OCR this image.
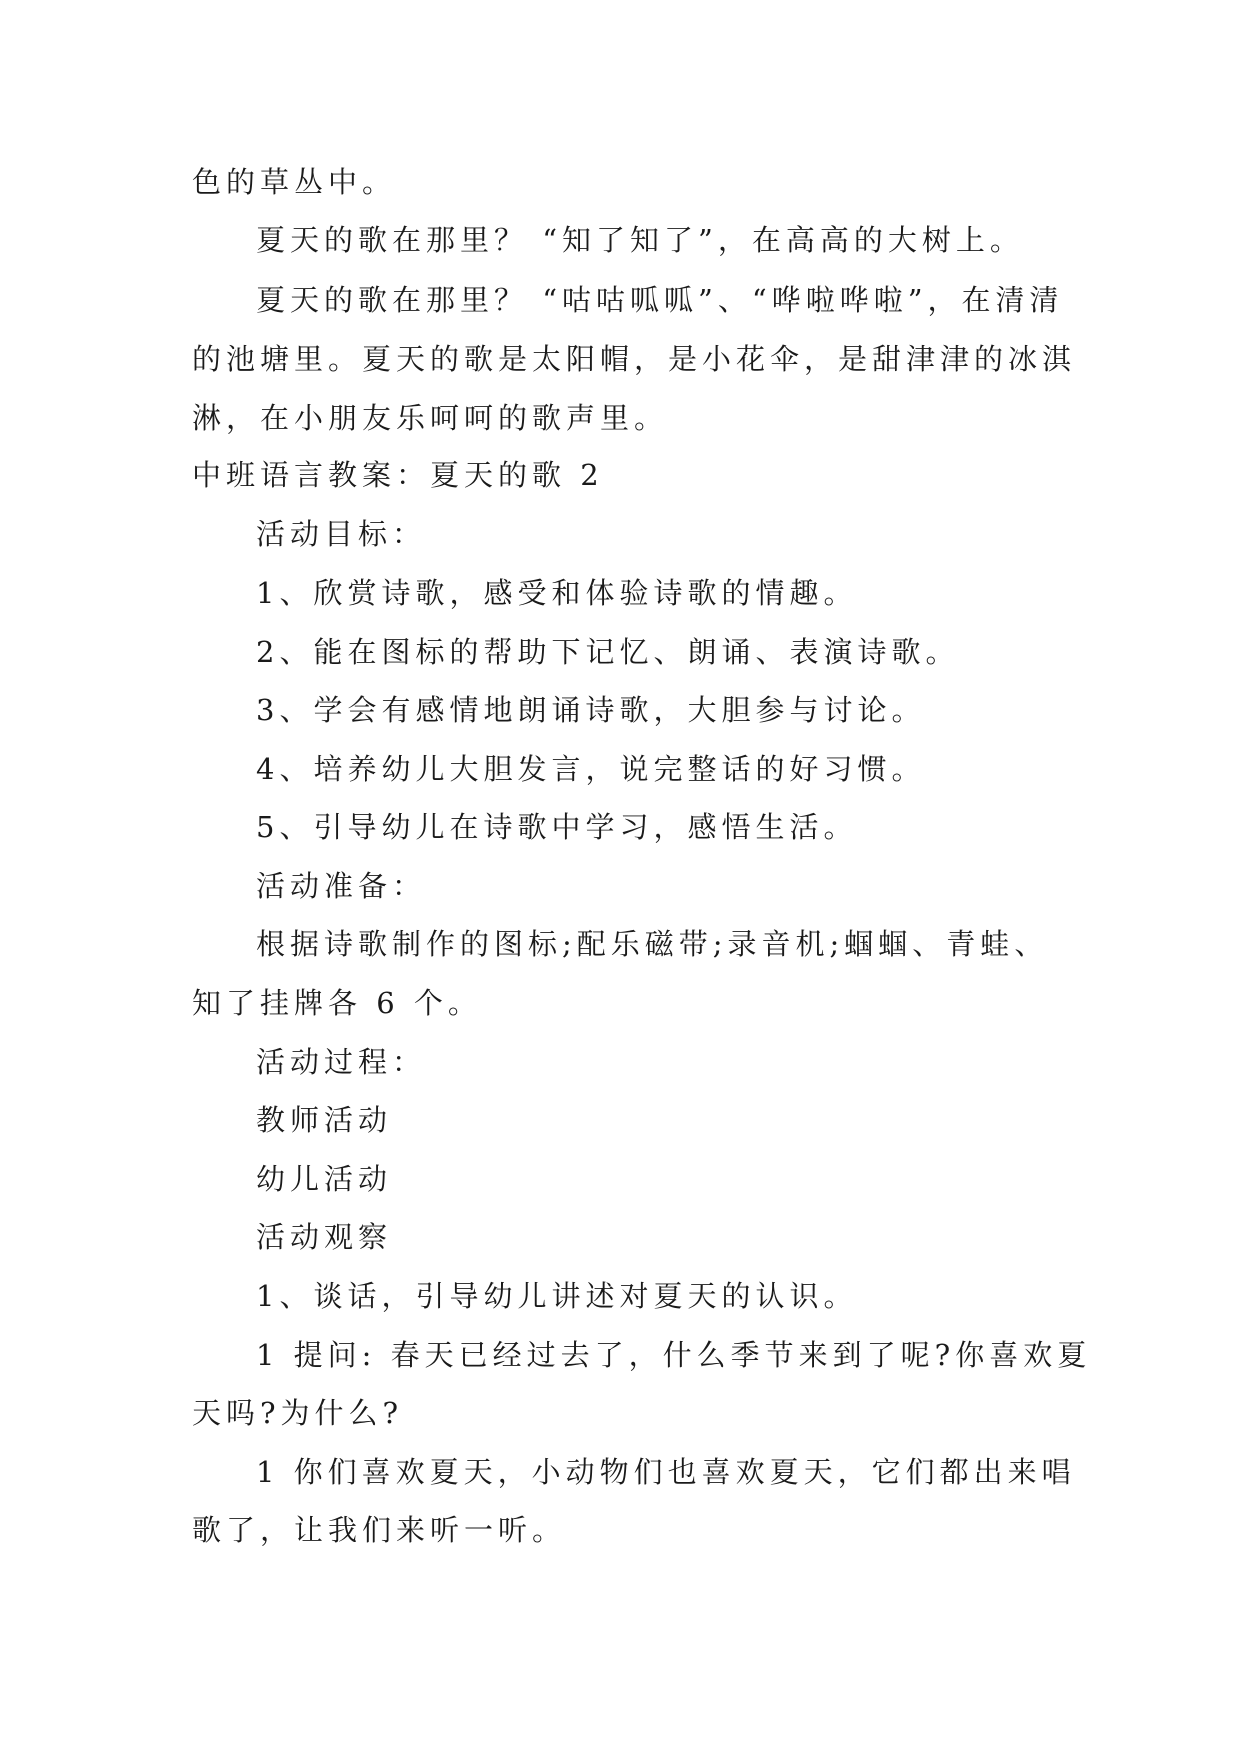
色的草丛中。
夏天的歌在那里？ “知了知了”，在高高的大树上。
夏天的歌在那里？ “咕咕呱呱”、“哗啦哗啦”，在清清
的池塘里。夏天的歌是太阳帽，是小花伞，是甜津津的冰淇
淋，在小朋友乐呵呵的歌声里。
中班语言教案：夏天的歌 2
活动目标：
1、欣赏诗歌，感受和体验诗歌的情趣。
2、能在图标的帮助下记忆、朗诵、表演诗歌。
3、学会有感情地朗诵诗歌，大胆参与讨论。
4、培养幼儿大胆发言，说完整话的好习惯。
5、引导幼儿在诗歌中学习，感悟生活。
活动准备：
根据诗歌制作的图标;配乐磁带;录音机;蝈蝈、青蛙、
知了挂牌各 6 个。
活动过程：
教师活动
幼儿活动
活动观察
1、谈话，引导幼儿讲述对夏天的认识。
1 提问: 春天已经过去了，什么季节来到了呢?你喜欢夏
天吗?为什么?
1 你们喜欢夏天，小动物们也喜欢夏天，它们都出来唱
歌了，让我们来听一听。
